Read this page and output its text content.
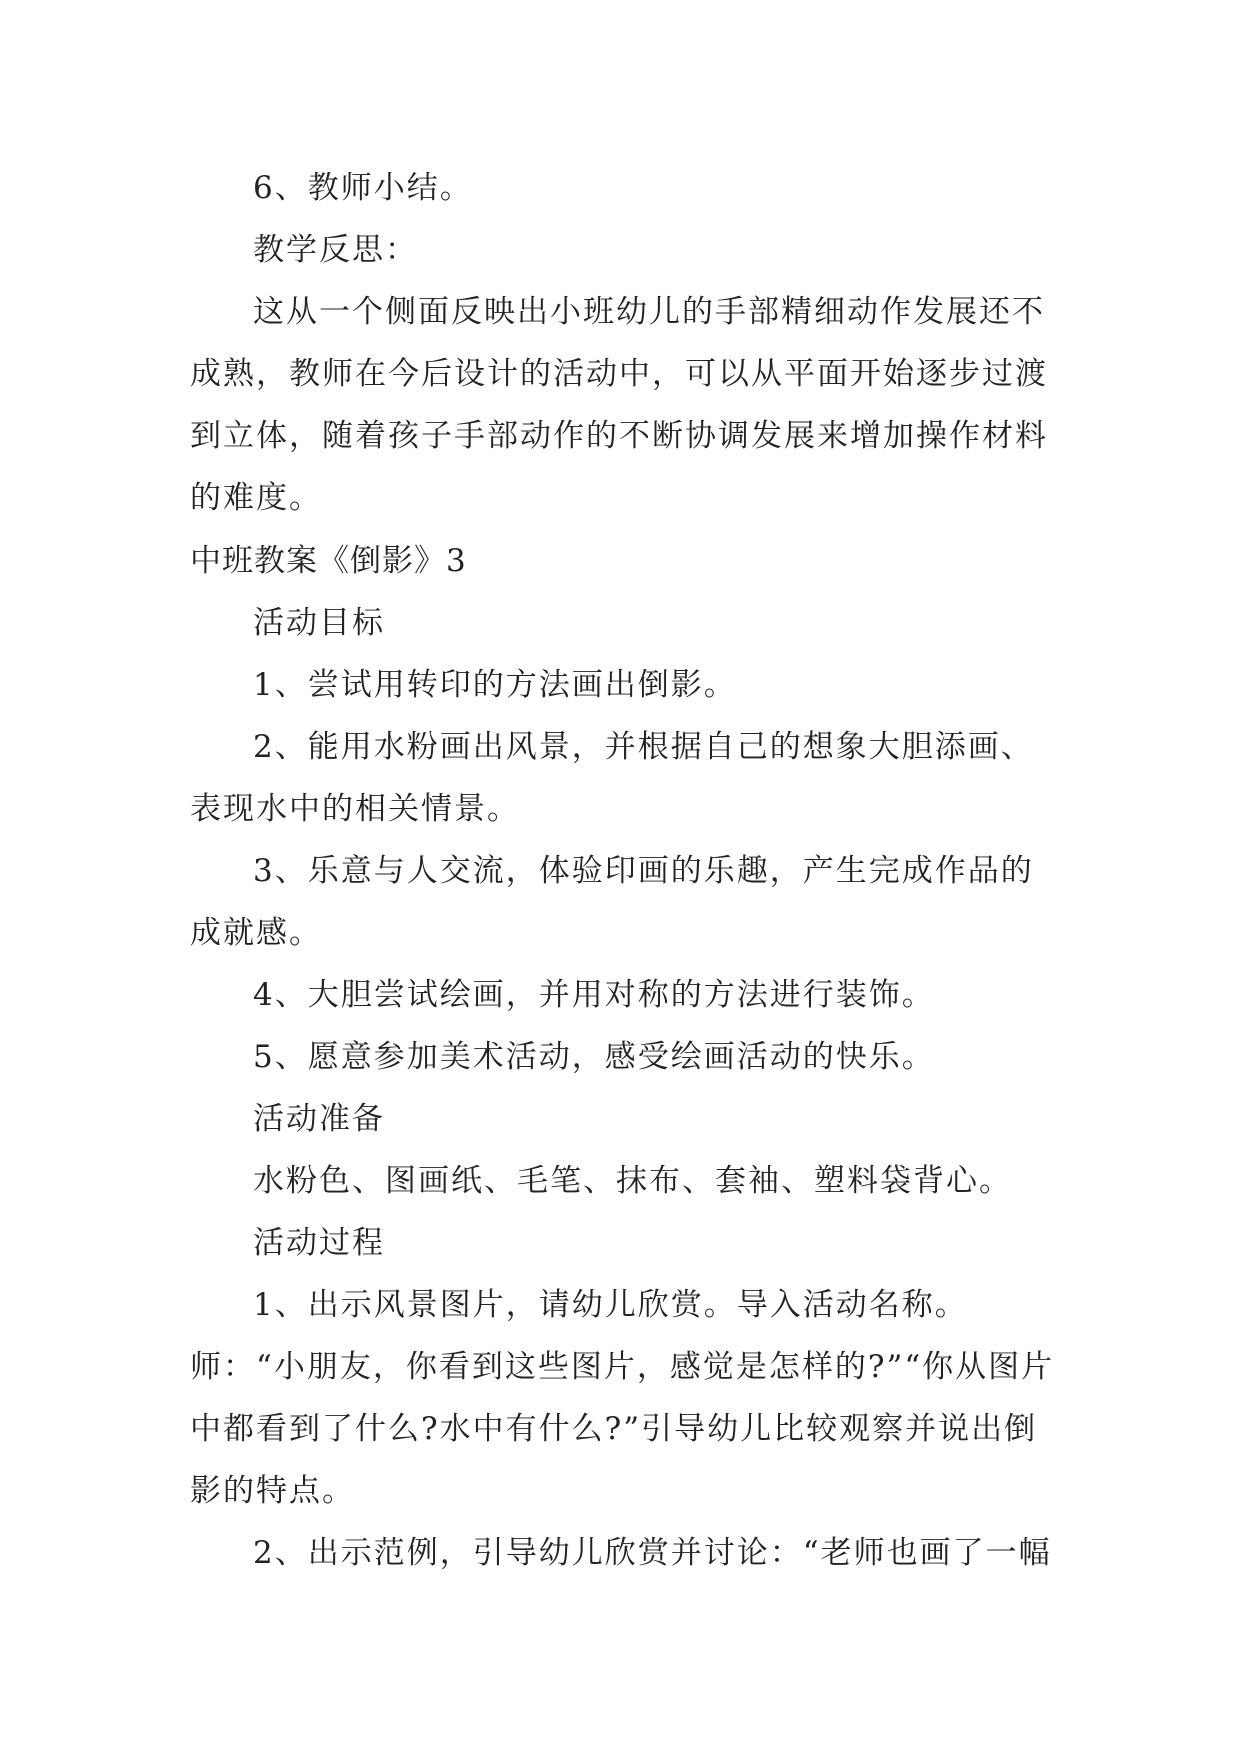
6、教师小结。

教学反思：

这从一个侧面反映出小班幼儿的手部精细动作发展还不成熟，教师在今后设计的活动中，可以从平面开始逐步过渡到立体，随着孩子手部动作的不断协调发展来增加操作材料的难度。

中班教案《倒影》3

活动目标

1、尝试用转印的方法画出倒影。

2、能用水粉画出风景，并根据自己的想象大胆添画、表现水中的相关情景。

3、乐意与人交流，体验印画的乐趣，产生完成作品的成就感。

4、大胆尝试绘画，并用对称的方法进行装饰。

5、愿意参加美术活动，感受绘画活动的快乐。

活动准备

水粉色、图画纸、毛笔、抹布、套袖、塑料袋背心。

活动过程

1、出示风景图片，请幼儿欣赏。导入活动名称。师：“小朋友，你看到这些图片，感觉是怎样的?”“你从图片中都看到了什么?水中有什么?”引导幼儿比较观察并说出倒影的特点。

2、出示范例，引导幼儿欣赏并讨论：“老师也画了一幅
